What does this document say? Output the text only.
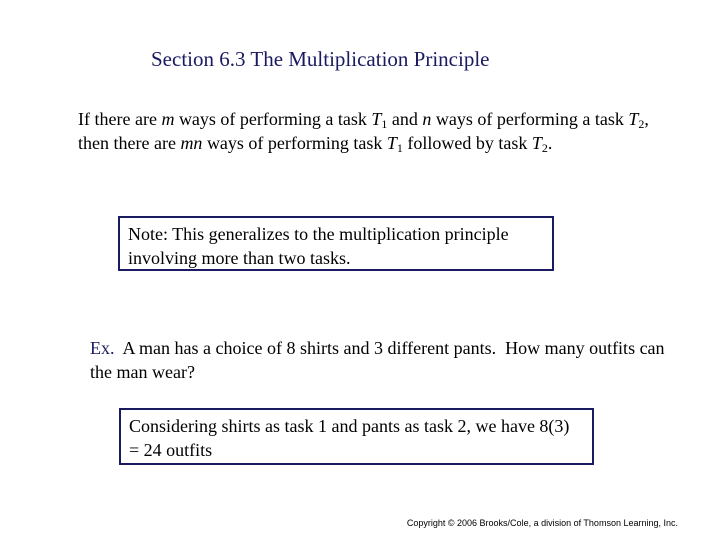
Section 6.3 The Multiplication Principle
If there are m ways of performing a task $T_1$ and n ways of performing a task $T_2$, then there are mn ways of performing task $T_1$ followed by task $T_2$.
Note: This generalizes to the multiplication principle involving more than two tasks.
Ex.  A man has a choice of 8 shirts and 3 different pants.  How many outfits can the man wear?
Considering shirts as task 1 and pants as task 2, we have 8(3) = 24 outfits
Copyright © 2006 Brooks/Cole, a division of Thomson Learning, Inc.
